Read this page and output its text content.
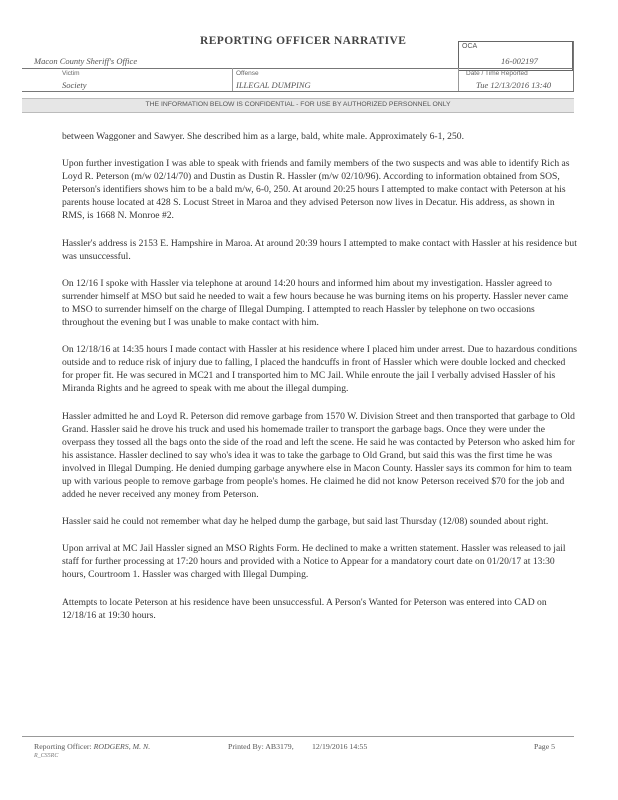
REPORTING OFFICER NARRATIVE
Macon County Sheriff's Office
OCA
16-002197
Victim
Society
Offense
ILLEGAL DUMPING
Date / Time Reported
Tue 12/13/2016 13:40
THE INFORMATION BELOW IS CONFIDENTIAL - FOR USE BY AUTHORIZED PERSONNEL ONLY

between Waggoner and Sawyer. She described him as a large, bald, white male. Approximately 6-1, 250.

Upon further investigation I was able to speak with friends and family members of the two suspects and was able to identify Rich as Loyd R. Peterson (m/w 02/14/70) and Dustin as Dustin R. Hassler (m/w 02/10/96). According to information obtained from SOS, Peterson's identifiers shows him to be a bald m/w, 6-0, 250. At around 20:25 hours I attempted to make contact with Peterson at his parents house located at 428 S. Locust Street in Maroa and they advised Peterson now lives in Decatur. His address, as shown in RMS, is 1668 N. Monroe #2.

Hassler's address is 2153 E. Hampshire in Maroa. At around 20:39 hours I attempted to make contact with Hassler at his residence but was unsuccessful.

On 12/16 I spoke with Hassler via telephone at around 14:20 hours and informed him about my investigation. Hassler agreed to surrender himself at MSO but said he needed to wait a few hours because he was burning items on his property. Hassler never came to MSO to surrender himself on the charge of Illegal Dumping. I attempted to reach Hassler by telephone on two occasions throughout the evening but I was unable to make contact with him.

On 12/18/16 at 14:35 hours I made contact with Hassler at his residence where I placed him under arrest. Due to hazardous conditions outside and to reduce risk of injury due to falling, I placed the handcuffs in front of Hassler which were double locked and checked for proper fit. He was secured in MC21 and I transported him to MC Jail. While enroute the jail I verbally advised Hassler of his Miranda Rights and he agreed to speak with me about the illegal dumping.

Hassler admitted he and Loyd R. Peterson did remove garbage from 1570 W. Division Street and then transported that garbage to Old Grand. Hassler said he drove his truck and used his homemade trailer to transport the garbage bags. Once they were under the overpass they tossed all the bags onto the side of the road and left the scene. He said he was contacted by Peterson who asked him for his assistance. Hassler declined to say who's idea it was to take the garbage to Old Grand, but said this was the first time he was involved in Illegal Dumping. He denied dumping garbage anywhere else in Macon County. Hassler says its common for him to team up with various people to remove garbage from people's homes. He claimed he did not know Peterson received $70 for the job and added he never received any money from Peterson.

Hassler said he could not remember what day he helped dump the garbage, but said last Thursday (12/08) sounded about right.

Upon arrival at MC Jail Hassler signed an MSO Rights Form. He declined to make a written statement. Hassler was released to jail staff for further processing at 17:20 hours and provided with a Notice to Appear for a mandatory court date on 01/20/17 at 13:30 hours, Courtroom 1. Hassler was charged with Illegal Dumping.

Attempts to locate Peterson at his residence have been unsuccessful. A Person's Wanted for Peterson was entered into CAD on 12/18/16 at 19:30 hours.

Reporting Officer: RODGERS, M. N.
R_CS5RC
Printed By: AB3179, 12/19/2016 14:55	Page 5
